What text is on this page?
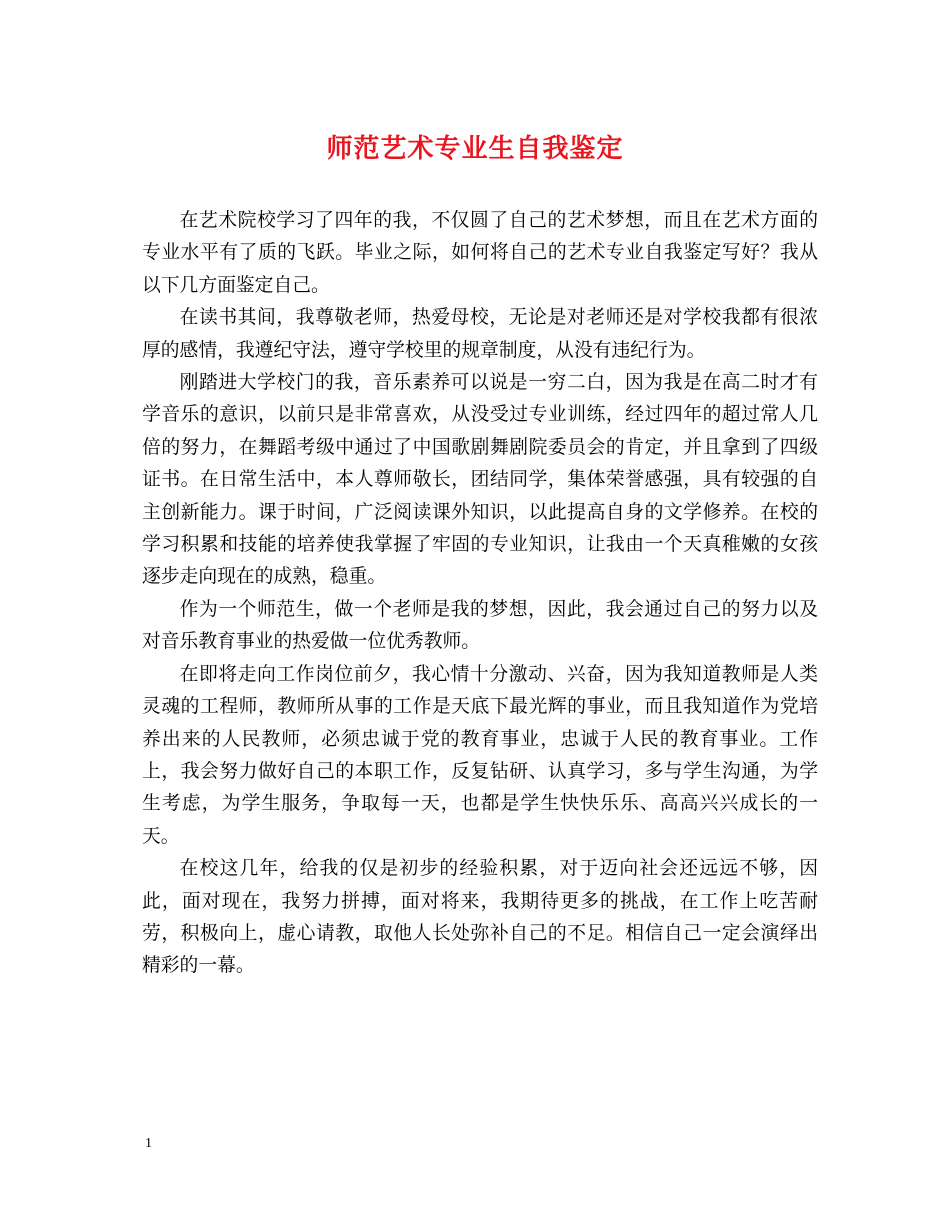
师范艺术专业生自我鉴定

在艺术院校学习了四年的我，不仅圆了自己的艺术梦想，而且在艺术方面的专业水平有了质的飞跃。毕业之际，如何将自己的艺术专业自我鉴定写好？我从以下几方面鉴定自己。

在读书其间，我尊敬老师，热爱母校，无论是对老师还是对学校我都有很浓厚的感情，我遵纪守法，遵守学校里的规章制度，从没有违纪行为。

刚踏进大学校门的我，音乐素养可以说是一穷二白，因为我是在高二时才有学音乐的意识，以前只是非常喜欢，从没受过专业训练，经过四年的超过常人几倍的努力，在舞蹈考级中通过了中国歌剧舞剧院委员会的肯定，并且拿到了四级证书。在日常生活中，本人尊师敬长，团结同学，集体荣誉感强，具有较强的自主创新能力。课于时间，广泛阅读课外知识，以此提高自身的文学修养。在校的学习积累和技能的培养使我掌握了牢固的专业知识，让我由一个天真稚嫩的女孩逐步走向现在的成熟，稳重。

作为一个师范生，做一个老师是我的梦想，因此，我会通过自己的努力以及对音乐教育事业的热爱做一位优秀教师。

在即将走向工作岗位前夕，我心情十分激动、兴奋，因为我知道教师是人类灵魂的工程师，教师所从事的工作是天底下最光辉的事业，而且我知道作为党培养出来的人民教师，必须忠诚于党的教育事业，忠诚于人民的教育事业。工作上，我会努力做好自己的本职工作，反复钻研、认真学习，多与学生沟通，为学生考虑，为学生服务，争取每一天，也都是学生快快乐乐、高高兴兴成长的一天。

在校这几年，给我的仅是初步的经验积累，对于迈向社会还远远不够，因此，面对现在，我努力拼搏，面对将来，我期待更多的挑战，在工作上吃苦耐劳，积极向上，虚心请教，取他人长处弥补自己的不足。相信自己一定会演绎出精彩的一幕。

1
